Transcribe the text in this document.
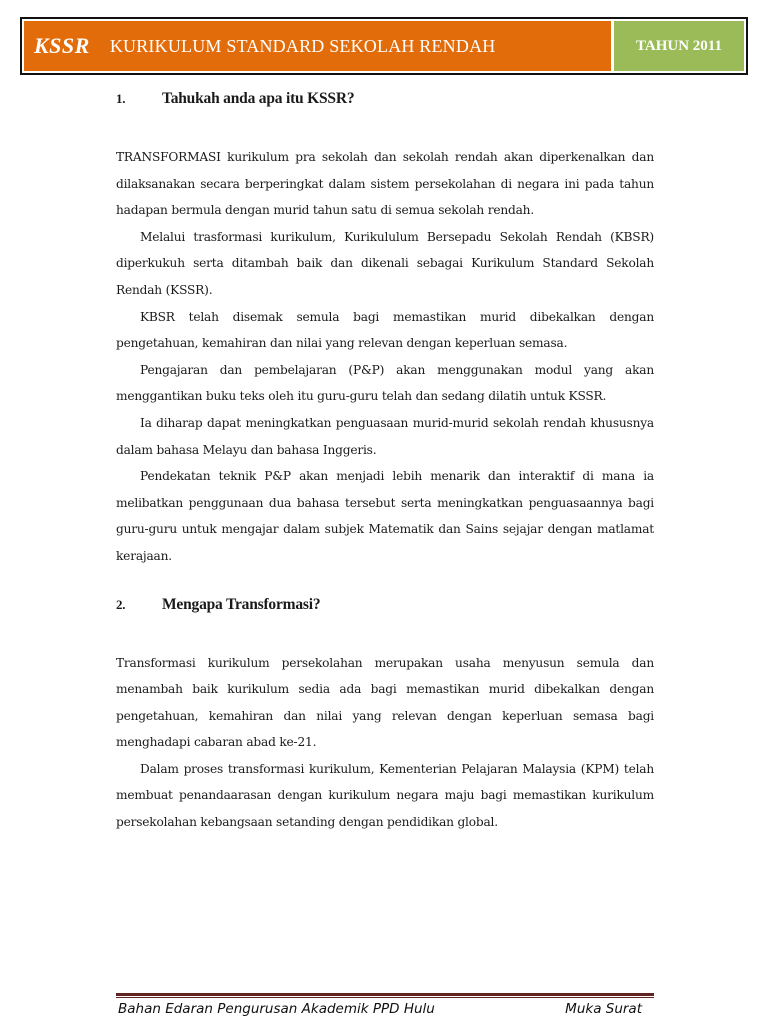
KSSR KURIKULUM STANDARD SEKOLAH RENDAH	TAHUN 2011
1.	Tahukah anda apa itu KSSR?

TRANSFORMASI kurikulum pra sekolah dan sekolah rendah akan diperkenalkan dan dilaksanakan secara berperingkat dalam sistem persekolahan di negara ini pada tahun hadapan bermula dengan murid tahun satu di semua sekolah rendah.

Melalui trasformasi kurikulum, Kurikululum Bersepadu Sekolah Rendah (KBSR) diperkukuh serta ditambah baik dan dikenali sebagai Kurikulum Standard Sekolah Rendah (KSSR).

KBSR telah disemak semula bagi memastikan murid dibekalkan dengan pengetahuan, kemahiran dan nilai yang relevan dengan keperluan semasa.

Pengajaran dan pembelajaran (P&P) akan menggunakan modul yang akan menggantikan buku teks oleh itu guru-guru telah dan sedang dilatih untuk KSSR.

Ia diharap dapat meningkatkan penguasaan murid-murid sekolah rendah khususnya dalam bahasa Melayu dan bahasa Inggeris.

Pendekatan teknik P&P akan menjadi lebih menarik dan interaktif di mana ia melibatkan penggunaan dua bahasa tersebut serta meningkatkan penguasaannya bagi guru-guru untuk mengajar dalam subjek Matematik dan Sains sejajar dengan matlamat kerajaan.

2.	Mengapa Transformasi?

Transformasi kurikulum persekolahan merupakan usaha menyusun semula dan menambah baik kurikulum sedia ada bagi memastikan murid dibekalkan dengan pengetahuan, kemahiran dan nilai yang relevan dengan keperluan semasa bagi menghadapi cabaran abad ke-21.

Dalam proses transformasi kurikulum, Kementerian Pelajaran Malaysia (KPM) telah membuat penandaarasan dengan kurikulum negara maju bagi memastikan kurikulum persekolahan kebangsaan setanding dengan pendidikan global.

Bahan Edaran Pengurusan Akademik PPD Hulu	Muka Surat
